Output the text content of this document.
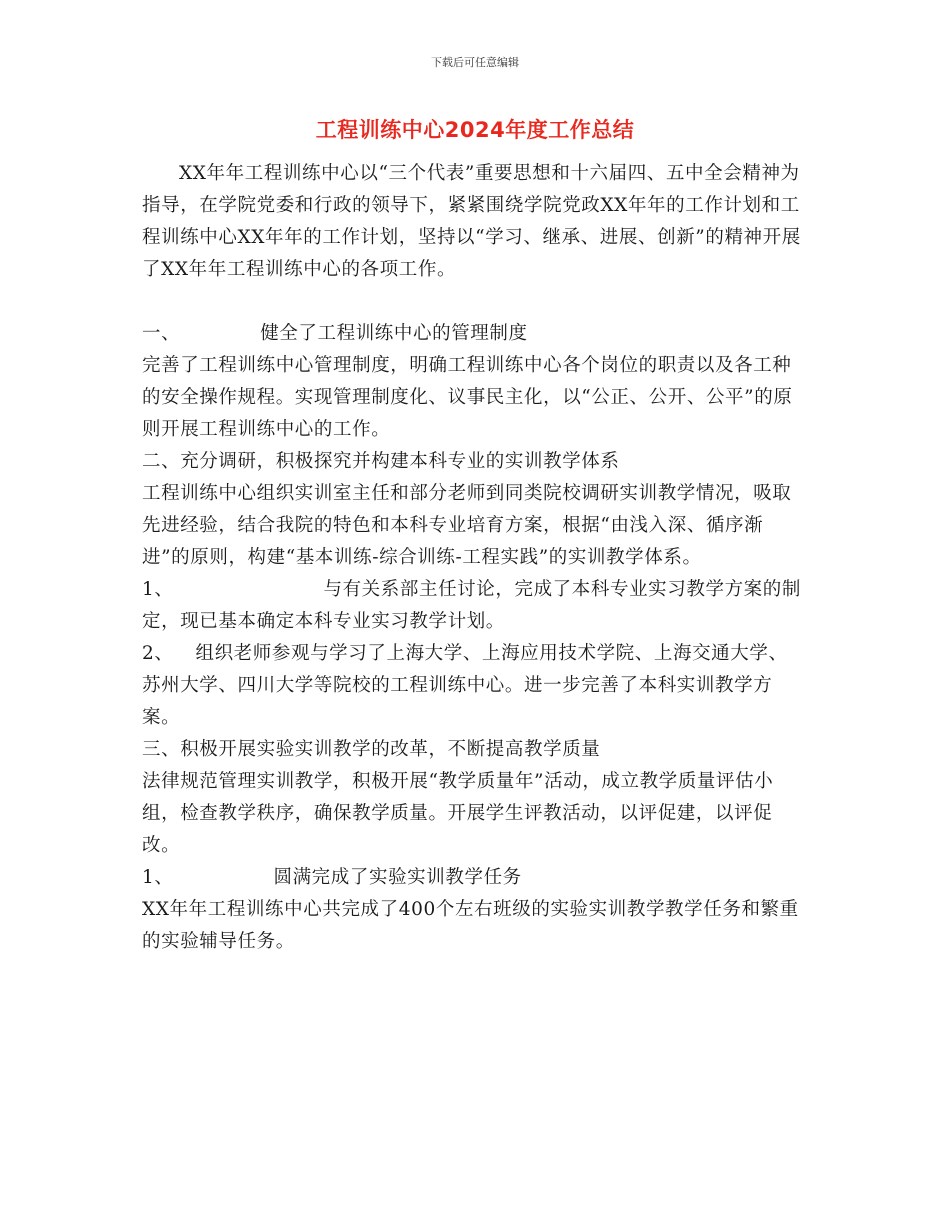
下载后可任意编辑
工程训练中心2024年度工作总结

XX年年工程训练中心以“三个代表”重要思想和十六届四、五中全会精神为指导，在学院党委和行政的领导下，紧紧围绕学院党政XX年年的工作计划和工程训练中心XX年年的工作计划，坚持以“学习、继承、进展、创新”的精神开展了XX年年工程训练中心的各项工作。

一、	健全了工程训练中心的管理制度

完善了工程训练中心管理制度，明确工程训练中心各个岗位的职责以及各工种的安全操作规程。实现管理制度化、议事民主化，以“公正、公开、公平”的原则开展工程训练中心的工作。

二、充分调研，积极探究并构建本科专业的实训教学体系

工程训练中心组织实训室主任和部分老师到同类院校调研实训教学情况，吸取先进经验，结合我院的特色和本科专业培育方案，根据“由浅入深、循序渐进”的原则，构建“基本训练-综合训练-工程实践”的实训教学体系。

1、	与有关系部主任讨论，完成了本科专业实习教学方案的制 定，现已基本确定本科专业实习教学计划。

2、 组织老师参观与学习了上海大学、上海应用技术学院、上海交通大学、苏州大学、四川大学等院校的工程训练中心。进一步完善了本科实训教学方案。

三、积极开展实验实训教学的改革，不断提高教学质量

法律规范管理实训教学，积极开展“教学质量年”活动，成立教学质量评估小组，检查教学秩序，确保教学质量。开展学生评教活动，以评促建，以评促改。

1、	圆满完成了实验实训教学任务

XX年年工程训练中心共完成了400个左右班级的实验实训教学教学任务和繁重的实验辅导任务。
